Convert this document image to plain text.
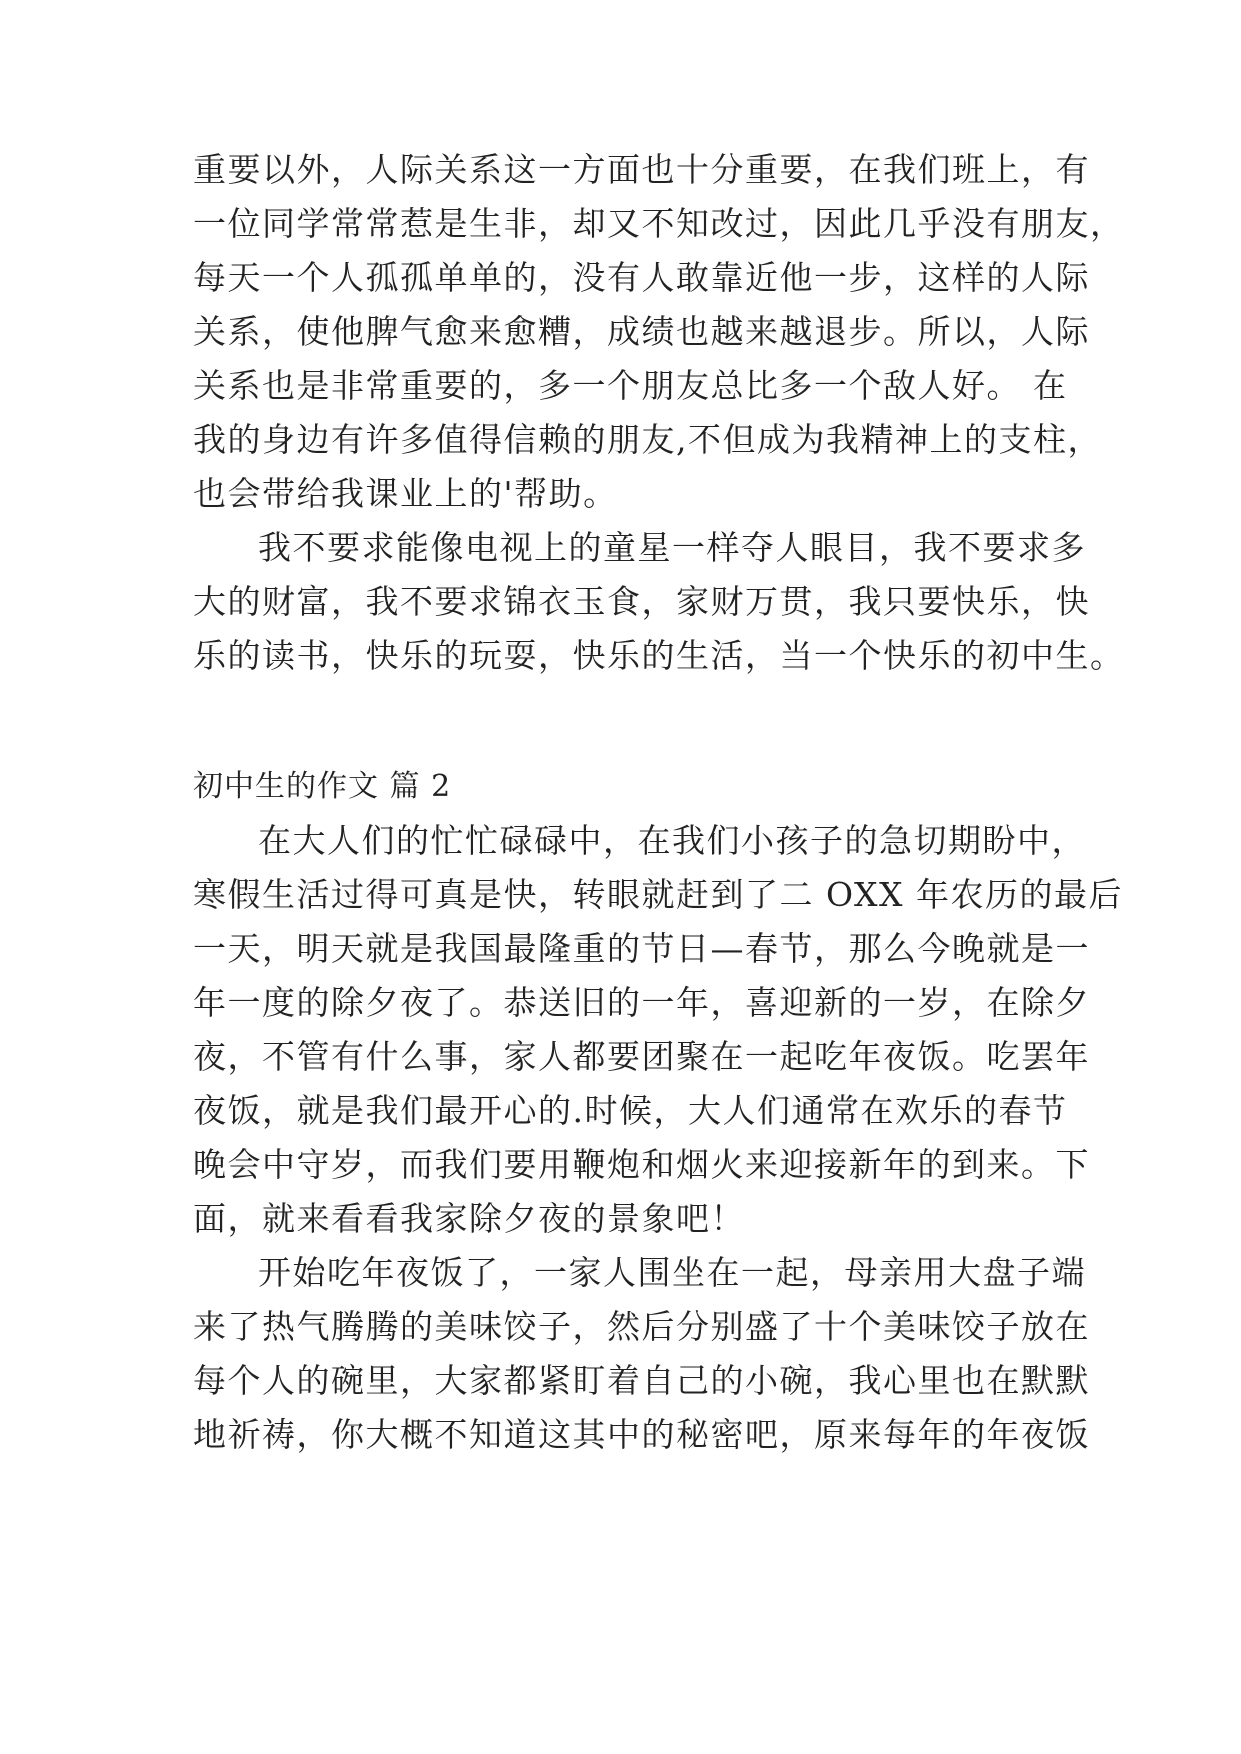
重要以外，人际关系这一方面也十分重要，在我们班上，有
一位同学常常惹是生非，却又不知改过，因此几乎没有朋友，
每天一个人孤孤单单的，没有人敢靠近他一步，这样的人际
关系，使他脾气愈来愈糟，成绩也越来越退步。所以，人际
关系也是非常重要的，多一个朋友总比多一个敌人好。 在
我的身边有许多值得信赖的朋友,不但成为我精神上的支柱，
也会带给我课业上的'帮助。
我不要求能像电视上的童星一样夺人眼目，我不要求多
大的财富，我不要求锦衣玉食，家财万贯，我只要快乐，快
乐的读书，快乐的玩耍，快乐的生活，当一个快乐的初中生。
初中生的作文 篇 2
在大人们的忙忙碌碌中，在我们小孩子的急切期盼中，
寒假生活过得可真是快，转眼就赶到了二 OXX 年农历的最后
一天，明天就是我国最隆重的节日—春节，那么今晚就是一
年一度的除夕夜了。恭送旧的一年，喜迎新的一岁，在除夕
夜，不管有什么事，家人都要团聚在一起吃年夜饭。吃罢年
夜饭，就是我们最开心的.时候，大人们通常在欢乐的春节
晚会中守岁，而我们要用鞭炮和烟火来迎接新年的到来。下
面，就来看看我家除夕夜的景象吧！
开始吃年夜饭了，一家人围坐在一起，母亲用大盘子端
来了热气腾腾的美味饺子，然后分别盛了十个美味饺子放在
每个人的碗里，大家都紧盯着自己的小碗，我心里也在默默
地祈祷，你大概不知道这其中的秘密吧，原来每年的年夜饭
